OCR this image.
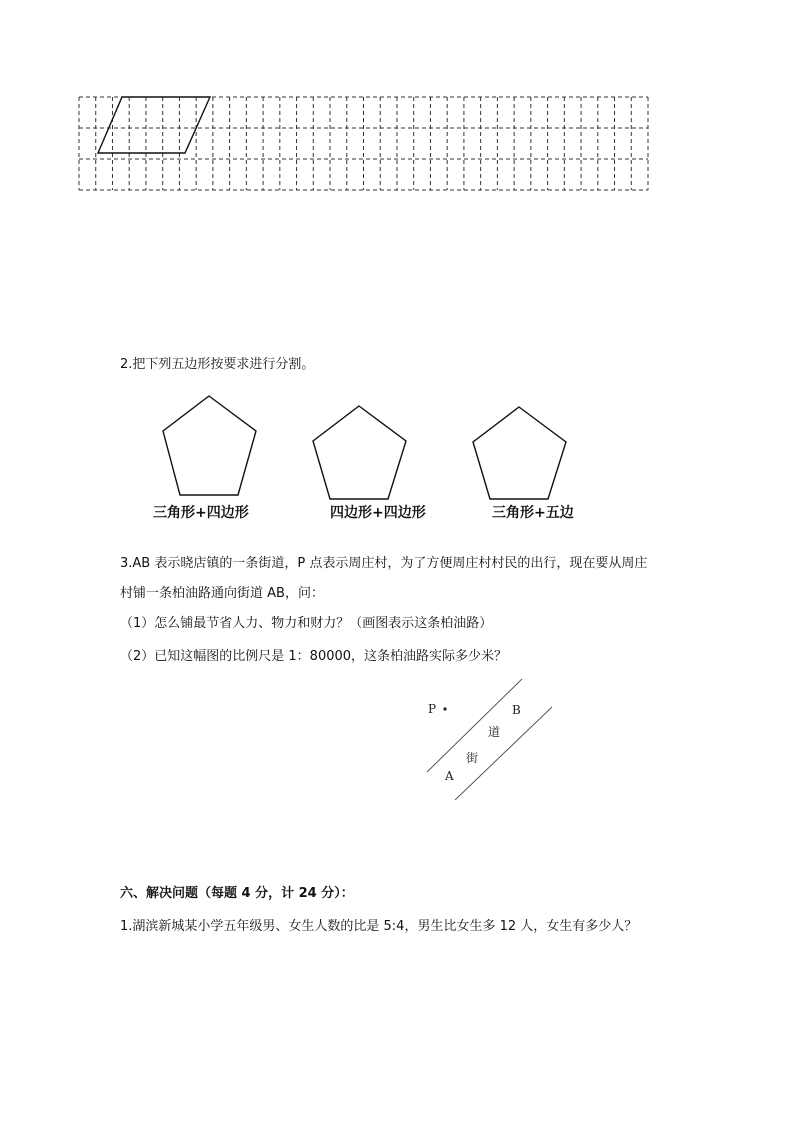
2.把下列五边形按要求进行分割。
三角形+四边形	四边形+四边形	三角形+五边
3.AB 表示晓店镇的一条街道，P 点表示周庄村，为了方便周庄村村民的出行，现在要从周庄
村铺一条柏油路通向街道 AB，问：
（1）怎么铺最节省人力、物力和财力？（画图表示这条柏油路）
（2）已知这幅图的比例尺是 1：80000，这条柏油路实际多少米？
P	B
A
道
街
六、解决问题（每题 4 分，计 24 分）：
1.湖滨新城某小学五年级男、女生人数的比是 5:4，男生比女生多 12 人，女生有多少人？
